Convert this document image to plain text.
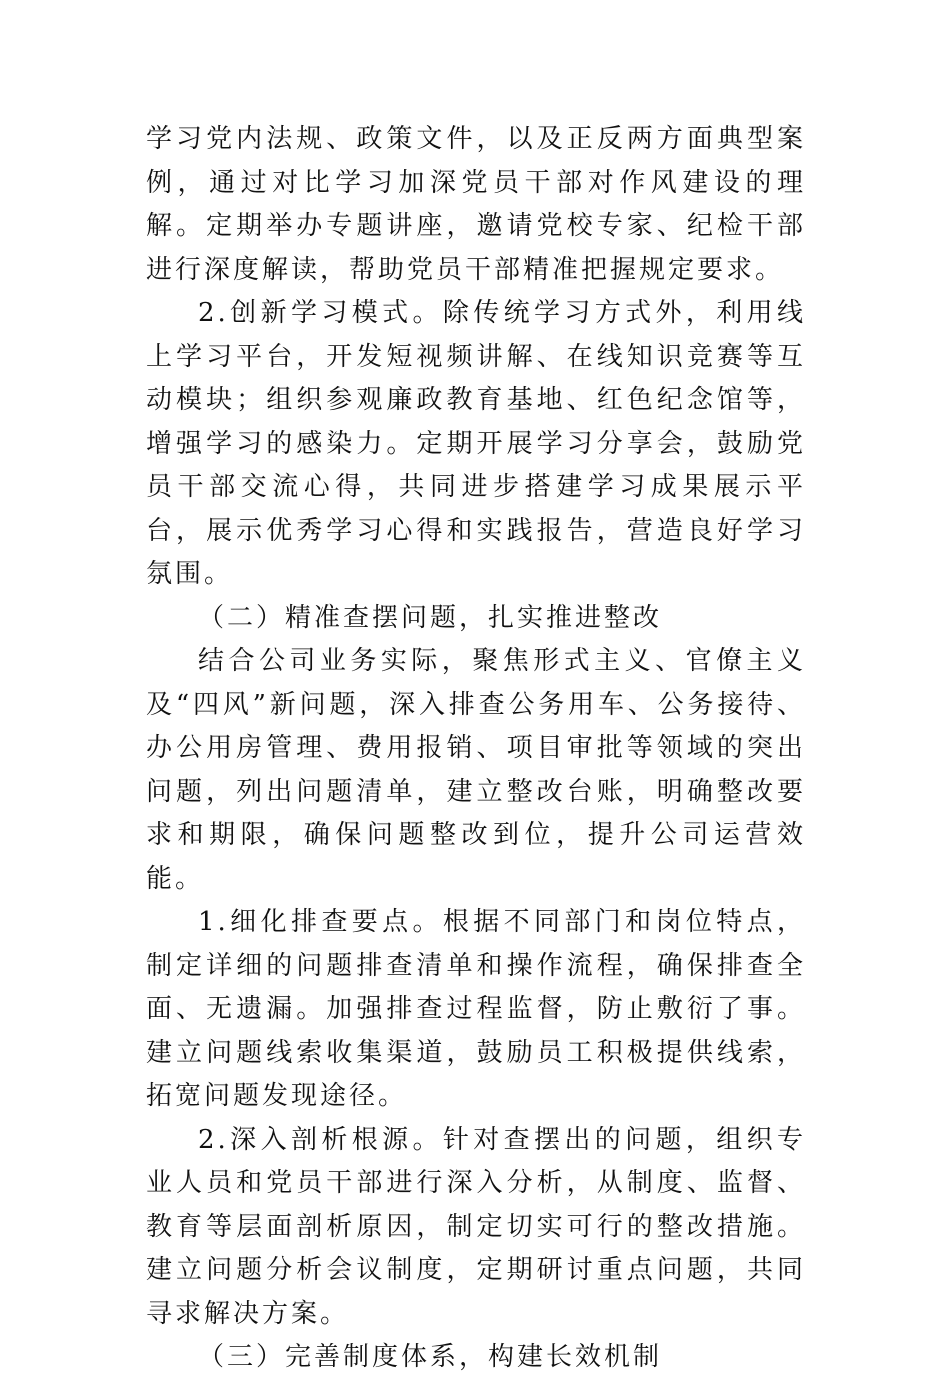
学习党内法规、政策文件，以及正反两方面典型案例，通过对比学习加深党员干部对作风建设的理解。定期举办专题讲座，邀请党校专家、纪检干部进行深度解读，帮助党员干部精准把握规定要求。

2.创新学习模式。除传统学习方式外，利用线上学习平台，开发短视频讲解、在线知识竞赛等互动模块；组织参观廉政教育基地、红色纪念馆等，增强学习的感染力。定期开展学习分享会，鼓励党员干部交流心得，共同进步搭建学习成果展示平台，展示优秀学习心得和实践报告，营造良好学习氛围。

（二）精准查摆问题，扎实推进整改

结合公司业务实际，聚焦形式主义、官僚主义及“四风”新问题，深入排查公务用车、公务接待、办公用房管理、费用报销、项目审批等领域的突出问题，列出问题清单，建立整改台账，明确整改要求和期限，确保问题整改到位，提升公司运营效能。

1.细化排查要点。根据不同部门和岗位特点，制定详细的问题排查清单和操作流程，确保排查全面、无遗漏。加强排查过程监督，防止敷衍了事。建立问题线索收集渠道，鼓励员工积极提供线索，拓宽问题发现途径。

2.深入剖析根源。针对查摆出的问题，组织专业人员和党员干部进行深入分析，从制度、监督、教育等层面剖析原因，制定切实可行的整改措施。建立问题分析会议制度，定期研讨重点问题，共同寻求解决方案。

（三）完善制度体系，构建长效机制
